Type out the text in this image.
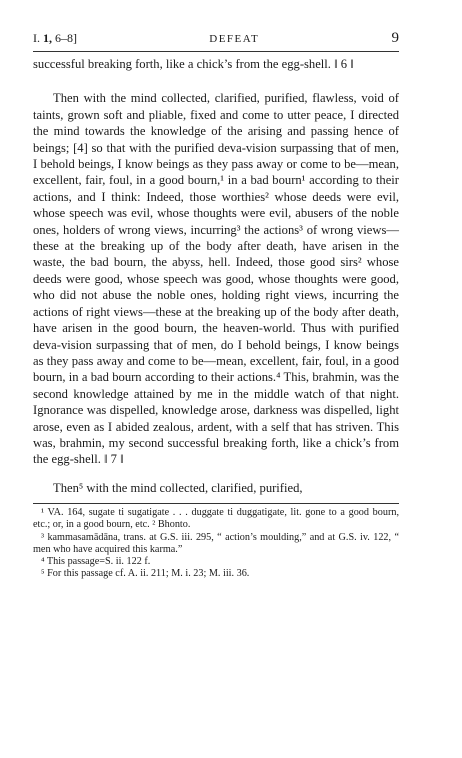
I. 1, 6–8]	DEFEAT	9

successful breaking forth, like a chick’s from the egg-shell. ‖ 6 ‖

Then with the mind collected, clarified, purified, flawless, void of taints, grown soft and pliable, fixed and come to utter peace, I directed the mind towards the knowledge of the arising and passing hence of beings; [4] so that with the purified deva-vision surpassing that of men, I behold beings, I know beings as they pass away or come to be—mean, excellent, fair, foul, in a good bourn,¹ in a bad bourn¹ according to their actions, and I think: Indeed, those worthies² whose deeds were evil, whose speech was evil, whose thoughts were evil, abusers of the noble ones, holders of wrong views, incurring³ the actions³ of wrong views—these at the breaking up of the body after death, have arisen in the waste, the bad bourn, the abyss, hell. Indeed, those good sirs² whose deeds were good, whose speech was good, whose thoughts were good, who did not abuse the noble ones, holding right views, incurring the actions of right views—these at the breaking up of the body after death, have arisen in the good bourn, the heaven-world. Thus with purified deva-vision surpassing that of men, do I behold beings, I know beings as they pass away and come to be—mean, excellent, fair, foul, in a good bourn, in a bad bourn according to their actions.⁴ This, brahmin, was the second knowledge attained by me in the middle watch of that night. Ignorance was dispelled, knowledge arose, darkness was dispelled, light arose, even as I abided zealous, ardent, with a self that has striven. This was, brahmin, my second successful breaking forth, like a chick’s from the egg-shell. ‖ 7 ‖

Then⁵ with the mind collected, clarified, purified,

¹ VA. 164, sugate ti sugatigate . . . duggate ti duggatigate, lit. gone to a good bourn, etc.; or, in a good bourn, etc. ² Bhonto.

³ kammasamādāna, trans. at G.S. iii. 295, “ action’s moulding,” and at G.S. iv. 122, “ men who have acquired this karma.”

⁴ This passage=S. ii. 122 f.

⁵ For this passage cf. A. ii. 211; M. i. 23; M. iii. 36.
